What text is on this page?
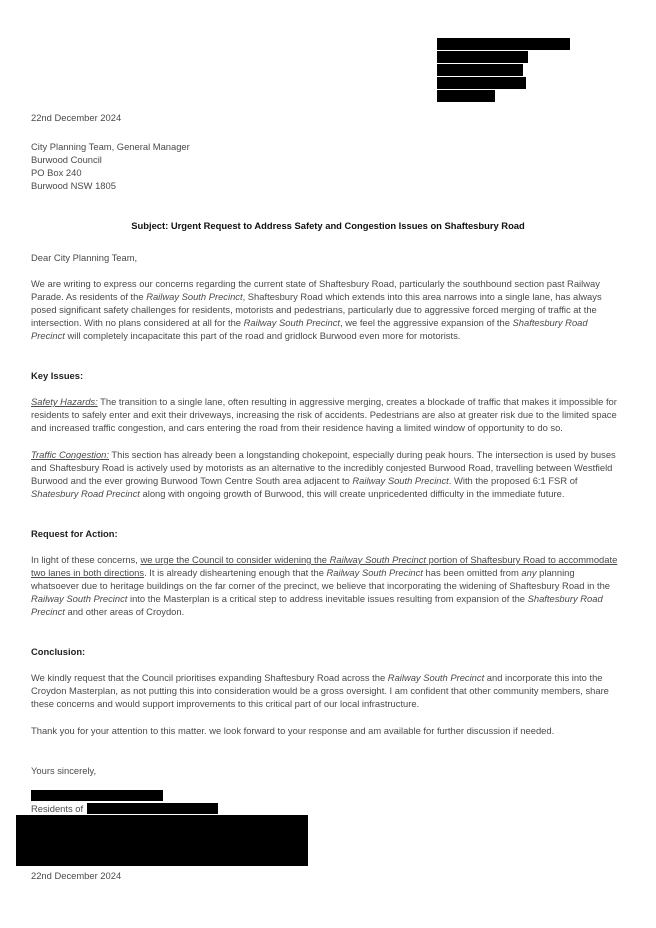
22nd December 2024

City Planning Team, General Manager

Burwood Council

PO Box 240

Burwood NSW 1805

Subject: Urgent Request to Address Safety and Congestion Issues on Shaftesbury Road

Dear City Planning Team,

We are writing to express our concerns regarding the current state of Shaftesbury Road, particularly the southbound section past Railway Parade. As residents of the Railway South Precinct, Shaftesbury Road which extends into this area narrows into a single lane, has always posed significant safety challenges for residents, motorists and pedestrians, particularly due to aggressive forced merging of traffic at the intersection. With no plans considered at all for the Railway South Precinct, we feel the aggressive expansion of the Shaftesbury Road Precinct will completely incapacitate this part of the road and gridlock Burwood even more for motorists.

Key Issues:

Safety Hazards: The transition to a single lane, often resulting in aggressive merging, creates a blockade of traffic that makes it impossible for residents to safely enter and exit their driveways, increasing the risk of accidents. Pedestrians are also at greater risk due to the limited space and increased traffic congestion, and cars entering the road from their residence having a limited window of opportunity to do so.

Traffic Congestion: This section has already been a longstanding chokepoint, especially during peak hours. The intersection is used by buses and Shaftesbury Road is actively used by motorists as an alternative to the incredibly conjested Burwood Road, travelling between Westfield Burwood and the ever growing Burwood Town Centre South area adjacent to Railway South Precinct. With the proposed 6:1 FSR of Shatesbury Road Precinct along with ongoing growth of Burwood, this will create unpricedented difficulty in the immediate future.

Request for Action:

In light of these concerns, we urge the Council to consider widening the Railway South Precinct portion of Shaftesbury Road to accommodate two lanes in both directions. It is already disheartening enough that the Railway South Precinct has been omitted from any planning whatsoever due to heritage buildings on the far corner of the precinct, we believe that incorporating the widening of Shaftesbury Road in the Railway South Precinct into the Masterplan is a critical step to address inevitable issues resulting from expansion of the Shaftesbury Road Precinct and other areas of Croydon.

Conclusion:

We kindly request that the Council prioritises expanding Shaftesbury Road across the Railway South Precinct and incorporate this into the Croydon Masterplan, as not putting this into consideration would be a gross oversight. I am confident that other community members, share these concerns and would support improvements to this critical part of our local infrastructure.

Thank you for your attention to this matter. we look forward to your response and am available for further discussion if needed.

Yours sincerely,

Residents of

22nd December 2024
